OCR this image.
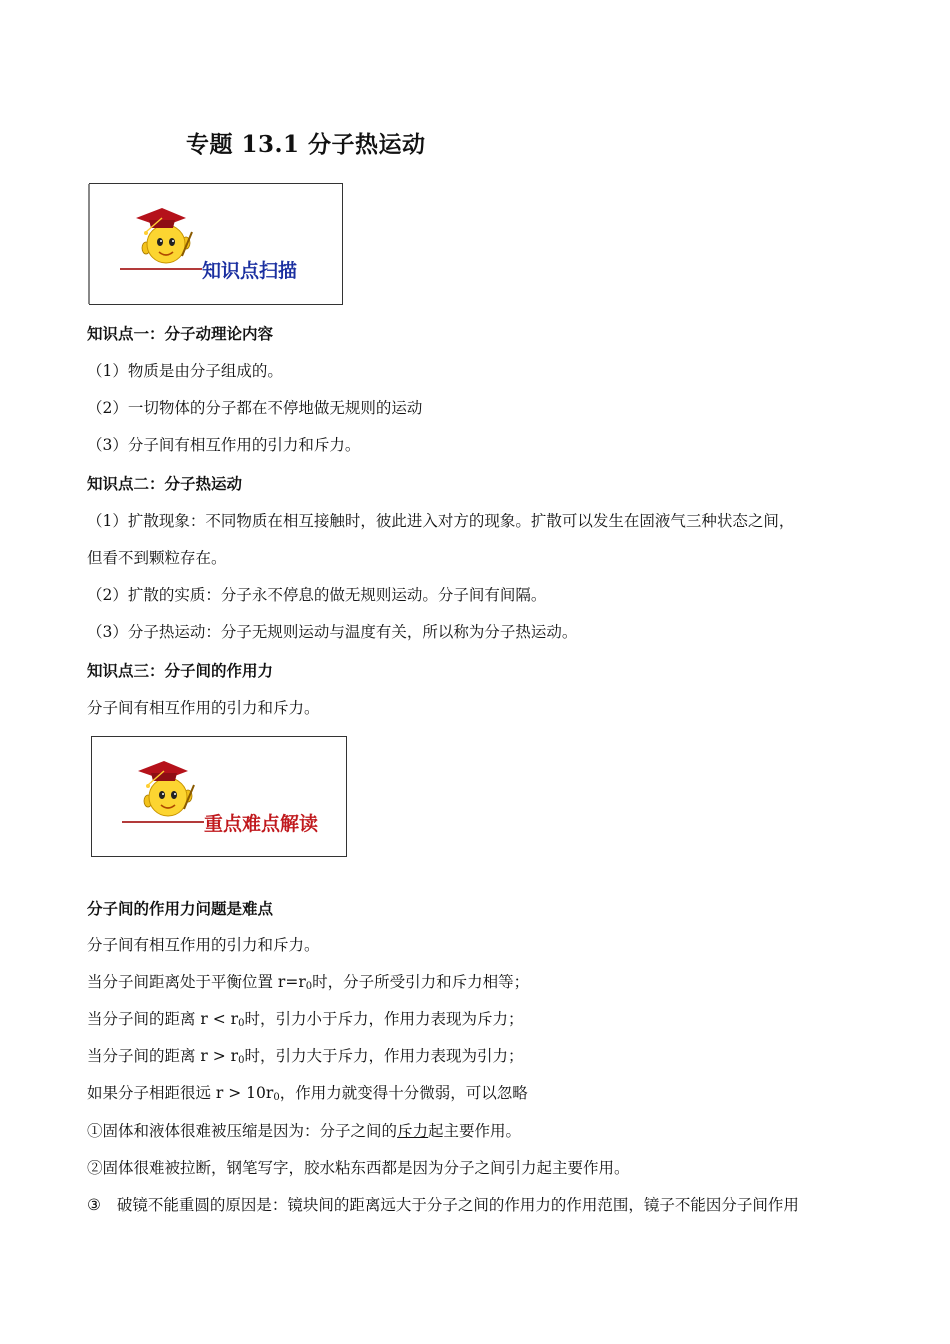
专题 13.1 分子热运动
知识点扫描
知识点一：分子动理论内容
（1）物质是由分子组成的。
（2）一切物体的分子都在不停地做无规则的运动
（3）分子间有相互作用的引力和斥力。
知识点二：分子热运动
（1）扩散现象：不同物质在相互接触时，彼此进入对方的现象。扩散可以发生在固液气三种状态之间，
但看不到颗粒存在。
（2）扩散的实质：分子永不停息的做无规则运动。分子间有间隔。
（3）分子热运动：分子无规则运动与温度有关，所以称为分子热运动。
知识点三：分子间的作用力
分子间有相互作用的引力和斥力。
重点难点解读
分子间的作用力问题是难点
分子间有相互作用的引力和斥力。
当分子间距离处于平衡位置 $r=r_0$时，分子所受引力和斥力相等；
当分子间的距离 $r < r_0$时，引力小于斥力，作用力表现为斥力；
当分子间的距离 $r > r_0$时，引力大于斥力，作用力表现为引力；
如果分子相距很远 $r > 10r_0$，作用力就变得十分微弱，可以忽略
①固体和液体很难被压缩是因为：分子之间的斥力起主要作用。
②固体很难被拉断，钢笔写字，胶水粘东西都是因为分子之间引力起主要作用。
③ 破镜不能重圆的原因是：镜块间的距离远大于分子之间的作用力的作用范围，镜子不能因分子间作用
